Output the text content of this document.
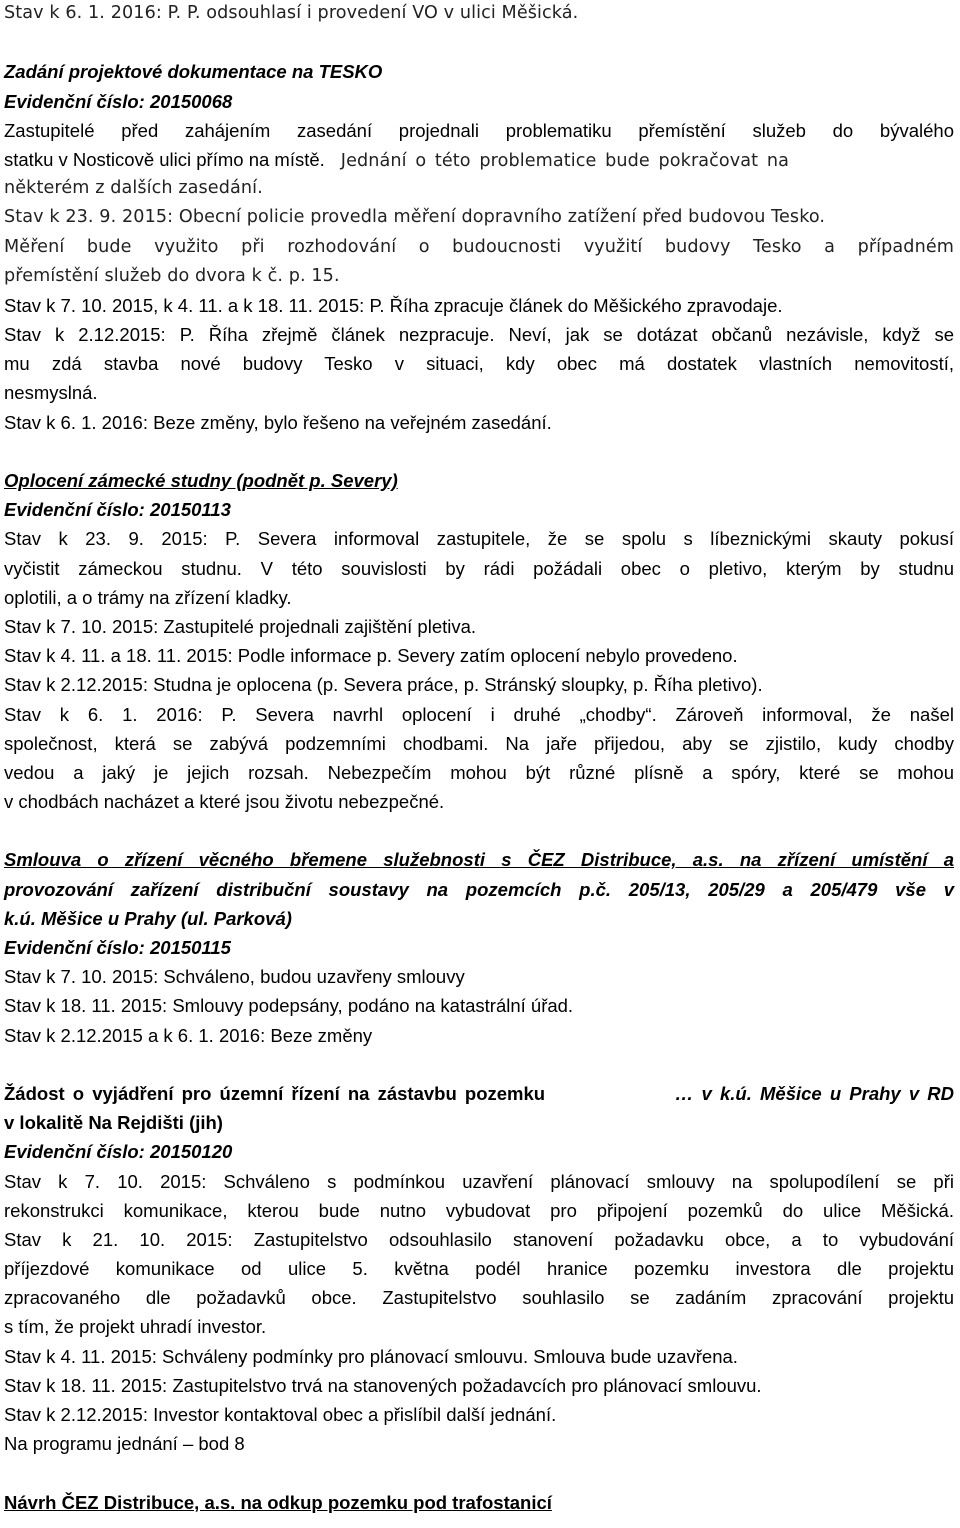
Stav k 6. 1. 2016: P. P. odsouhlasí i provedení VO v ulici Měšická.
Zadání projektové dokumentace na TESKO
Evidenční číslo: 20150068
Zastupitelé před zahájením zasedání projednali problematiku přemístění služeb do bývalého
statku v Nosticově ulici přímo na místě. Jednání o této problematice bude pokračovat na
některém z dalších zasedání.
Stav k 23. 9. 2015: Obecní policie provedla měření dopravního zatížení před budovou Tesko.
Měření bude využito při rozhodování o budoucnosti využití budovy Tesko a případném
přemístění služeb do dvora k č. p. 15.
Stav k 7. 10. 2015, k 4. 11. a k 18. 11. 2015: P. Říha zpracuje článek do Měšického zpravodaje.
Stav k 2.12.2015: P. Říha zřejmě článek nezpracuje. Neví, jak se dotázat občanů nezávisle, když se
mu zdá stavba nové budovy Tesko v situaci, kdy obec má dostatek vlastních nemovitostí,
nesmyslná.
Stav k 6. 1. 2016: Beze změny, bylo řešeno na veřejném zasedání.
Oplocení zámecké studny (podnět p. Severy)
Evidenční číslo: 20150113
Stav k 23. 9. 2015: P. Severa informoval zastupitele, že se spolu s líbeznickými skauty pokusí
vyčistit zámeckou studnu. V této souvislosti by rádi požádali obec o pletivo, kterým by studnu
oplotili, a o trámy na zřízení kladky.
Stav k 7. 10. 2015: Zastupitelé projednali zajištění pletiva.
Stav k 4. 11. a 18. 11. 2015: Podle informace p. Severy zatím oplocení nebylo provedeno.
Stav k 2.12.2015: Studna je oplocena (p. Severa práce, p. Stránský sloupky, p. Říha pletivo).
Stav k 6. 1. 2016: P. Severa navrhl oplocení i druhé „chodby“. Zároveň informoval, že našel
společnost, která se zabývá podzemními chodbami. Na jaře přijedou, aby se zjistilo, kudy chodby
vedou a jaký je jejich rozsah. Nebezpečím mohou být různé plísně a spóry, které se mohou
v chodbách nacházet a které jsou životu nebezpečné.
Smlouva o zřízení věcného břemene služebnosti s ČEZ Distribuce, a.s. na zřízení umístění a
provozování zařízení distribuční soustavy na pozemcích p.č. 205/13, 205/29 a 205/479 vše v
k.ú. Měšice u Prahy (ul. Parková)
Evidenční číslo: 20150115
Stav k 7. 10. 2015: Schváleno, budou uzavřeny smlouvy
Stav k 18. 11. 2015: Smlouvy podepsány, podáno na katastrální úřad.
Stav k 2.12.2015 a k 6. 1. 2016: Beze změny
Žádost o vyjádření pro územní řízení na zástavbu pozemku	… v k.ú. Měšice u Prahy v RD
v lokalitě Na Rejdišti (jih)
Evidenční číslo: 20150120
Stav k 7. 10. 2015: Schváleno s podmínkou uzavření plánovací smlouvy na spolupodílení se při
rekonstrukci komunikace, kterou bude nutno vybudovat pro připojení pozemků do ulice Měšická.
Stav k 21. 10. 2015: Zastupitelstvo odsouhlasilo stanovení požadavku obce, a to vybudování
příjezdové komunikace od ulice 5. května podél hranice pozemku investora dle projektu
zpracovaného dle požadavků obce. Zastupitelstvo souhlasilo se zadáním zpracování projektu
s tím, že projekt uhradí investor.
Stav k 4. 11. 2015: Schváleny podmínky pro plánovací smlouvu. Smlouva bude uzavřena.
Stav k 18. 11. 2015: Zastupitelstvo trvá na stanovených požadavcích pro plánovací smlouvu.
Stav k 2.12.2015: Investor kontaktoval obec a přislíbil další jednání.
Na programu jednání – bod 8
Návrh ČEZ Distribuce, a.s. na odkup pozemku pod trafostanicí
